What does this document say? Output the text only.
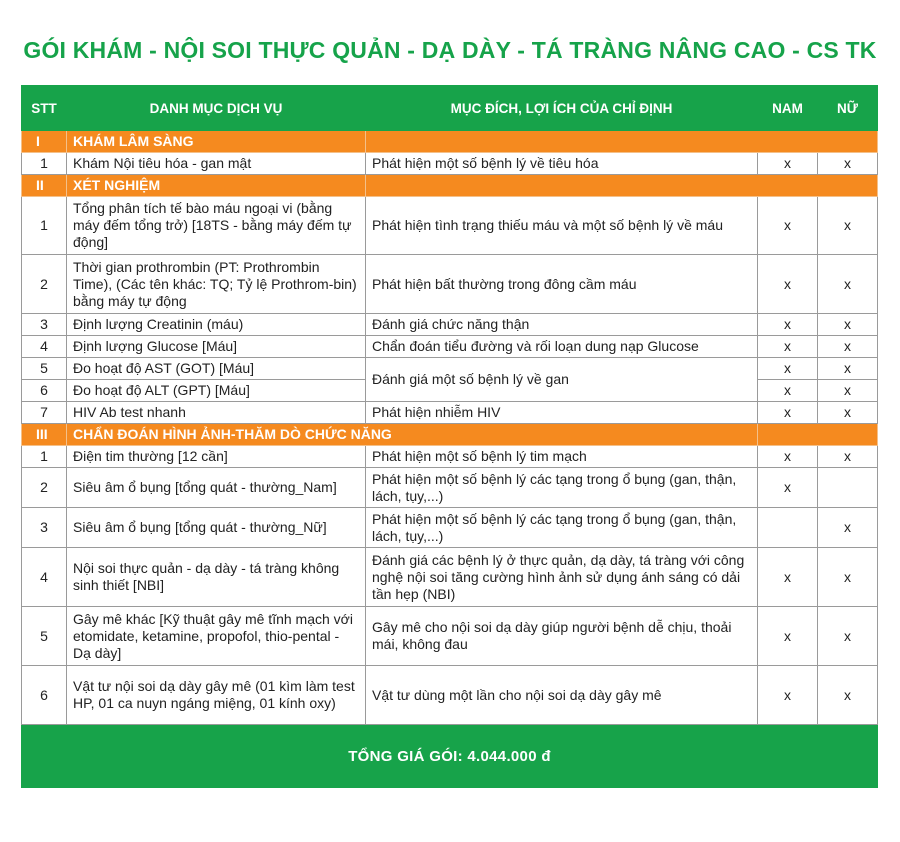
GÓI KHÁM - NỘI SOI THỰC QUẢN - DẠ DÀY - TÁ TRÀNG NÂNG CAO - CS TK
STT	DANH MỤC DỊCH VỤ	MỤC ĐÍCH, LỢI ÍCH CỦA CHỈ ĐỊNH	NAM	NỮ
I	KHÁM LÂM SÀNG			
1	Khám Nội tiêu hóa - gan mật	Phát hiện một số bệnh lý về tiêu hóa	x	x
II	XÉT NGHIỆM			
1	Tổng phân tích tế bào máu ngoại vi (bằng máy đếm tổng trở) [18TS - bằng máy đếm tự động]	Phát hiện tình trạng thiếu máu và một số bệnh lý về máu	x	x
2	Thời gian prothrombin (PT: Prothrombin Time), (Các tên khác: TQ; Tỷ lệ Prothrom-bin) bằng máy tự động	Phát hiện bất thường trong đông cầm máu	x	x
3	Định lượng Creatinin (máu)	Đánh giá chức năng thận	x	x
4	Định lượng Glucose [Máu]	Chẩn đoán tiểu đường và rối loạn dung nạp Glucose	x	x
5	Đo hoạt độ AST (GOT) [Máu]	Đánh giá một số bệnh lý về gan	x	x
6	Đo hoạt độ ALT (GPT) [Máu]		x	x
7	HIV Ab test nhanh	Phát hiện nhiễm HIV	x	x
III	CHẨN ĐOÁN HÌNH ẢNH-THĂM DÒ CHỨC NĂNG			
1	Điện tim thường [12 cần]	Phát hiện một số bệnh lý tim mạch	x	x
2	Siêu âm ổ bụng [tổng quát - thường_Nam]	Phát hiện một số bệnh lý các tạng trong ổ bụng (gan, thận, lách, tụy,...)	x	
3	Siêu âm ổ bụng [tổng quát - thường_Nữ]	Phát hiện một số bệnh lý các tạng trong ổ bụng (gan, thận, lách, tụy,...)		x
4	Nội soi thực quản - dạ dày - tá tràng không sinh thiết [NBI]	Đánh giá các bệnh lý ở thực quản, dạ dày, tá tràng với công nghệ nội soi tăng cường hình ảnh sử dụng ánh sáng có dải tần hẹp (NBI)	x	x
5	Gây mê khác [Kỹ thuật gây mê tĩnh mạch với etomidate, ketamine, propofol, thio-pental - Dạ dày]	Gây mê cho nội soi dạ dày giúp người bệnh dễ chịu, thoải mái, không đau	x	x
6	Vật tư nội soi dạ dày gây mê (01 kìm làm test HP, 01 ca nuyn ngáng miệng, 01 kính oxy)	Vật tư dùng một lần cho nội soi dạ dày gây mê	x	x
TỔNG GIÁ GÓI: 4.044.000 đ				
